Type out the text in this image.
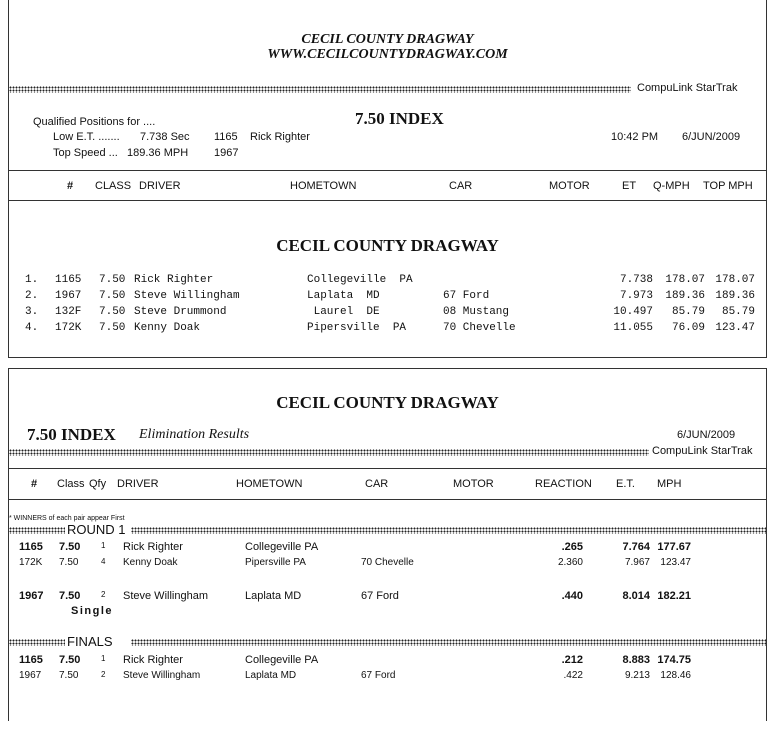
CECIL COUNTY DRAGWAY
WWW.CECILCOUNTYDRAGWAY.COM
CompuLink StarTrak
Qualified Positions for ....	7.50 INDEX
Low E.T. ....... 7.738 Sec 1165 Rick Righter
Top Speed ... 189.36 MPH 1967
10:42 PM 6/JUN/2009
# CLASS DRIVER	HOMETOWN	CAR	MOTOR	ET Q-MPH TOP MPH
CECIL COUNTY DRAGWAY
1. 1165 7.50 Rick Righter	Collegeville  PA	7.738	178.07 178.07
2. 1967 7.50 Steve Willingham	Laplata  MD	67 Ford	7.973	189.36 189.36
3. 132F 7.50 Steve Drummond	Laurel  DE	08 Mustang	10.497	85.79	85.79
4. 172K 7.50 Kenny Doak	Pipersville  PA	70 Chevelle	11.055	76.09 123.47
CECIL COUNTY DRAGWAY
7.50 INDEX Elimination Results	6/JUN/2009
CompuLink StarTrak
# Class Qfy DRIVER	HOMETOWN	CAR	MOTOR	REACTION E.T. MPH
* WINNERS of each pair appear First
ROUND 1
1165 7.50	1 Rick Righter	Collegeville PA	.265	7.764 177.67
172K 7.50	4 Kenny Doak	Pipersville PA	70 Chevelle	2.360	7.967	123.47
1967 7.50	2 Steve Willingham	Laplata MD	67 Ford	.440	8.014 182.21
Single
FINALS
1165 7.50	1 Rick Righter	Collegeville PA	.212	8.883 174.75
1967 7.50	2 Steve Willingham	Laplata MD	67 Ford	.422	9.213	128.46
